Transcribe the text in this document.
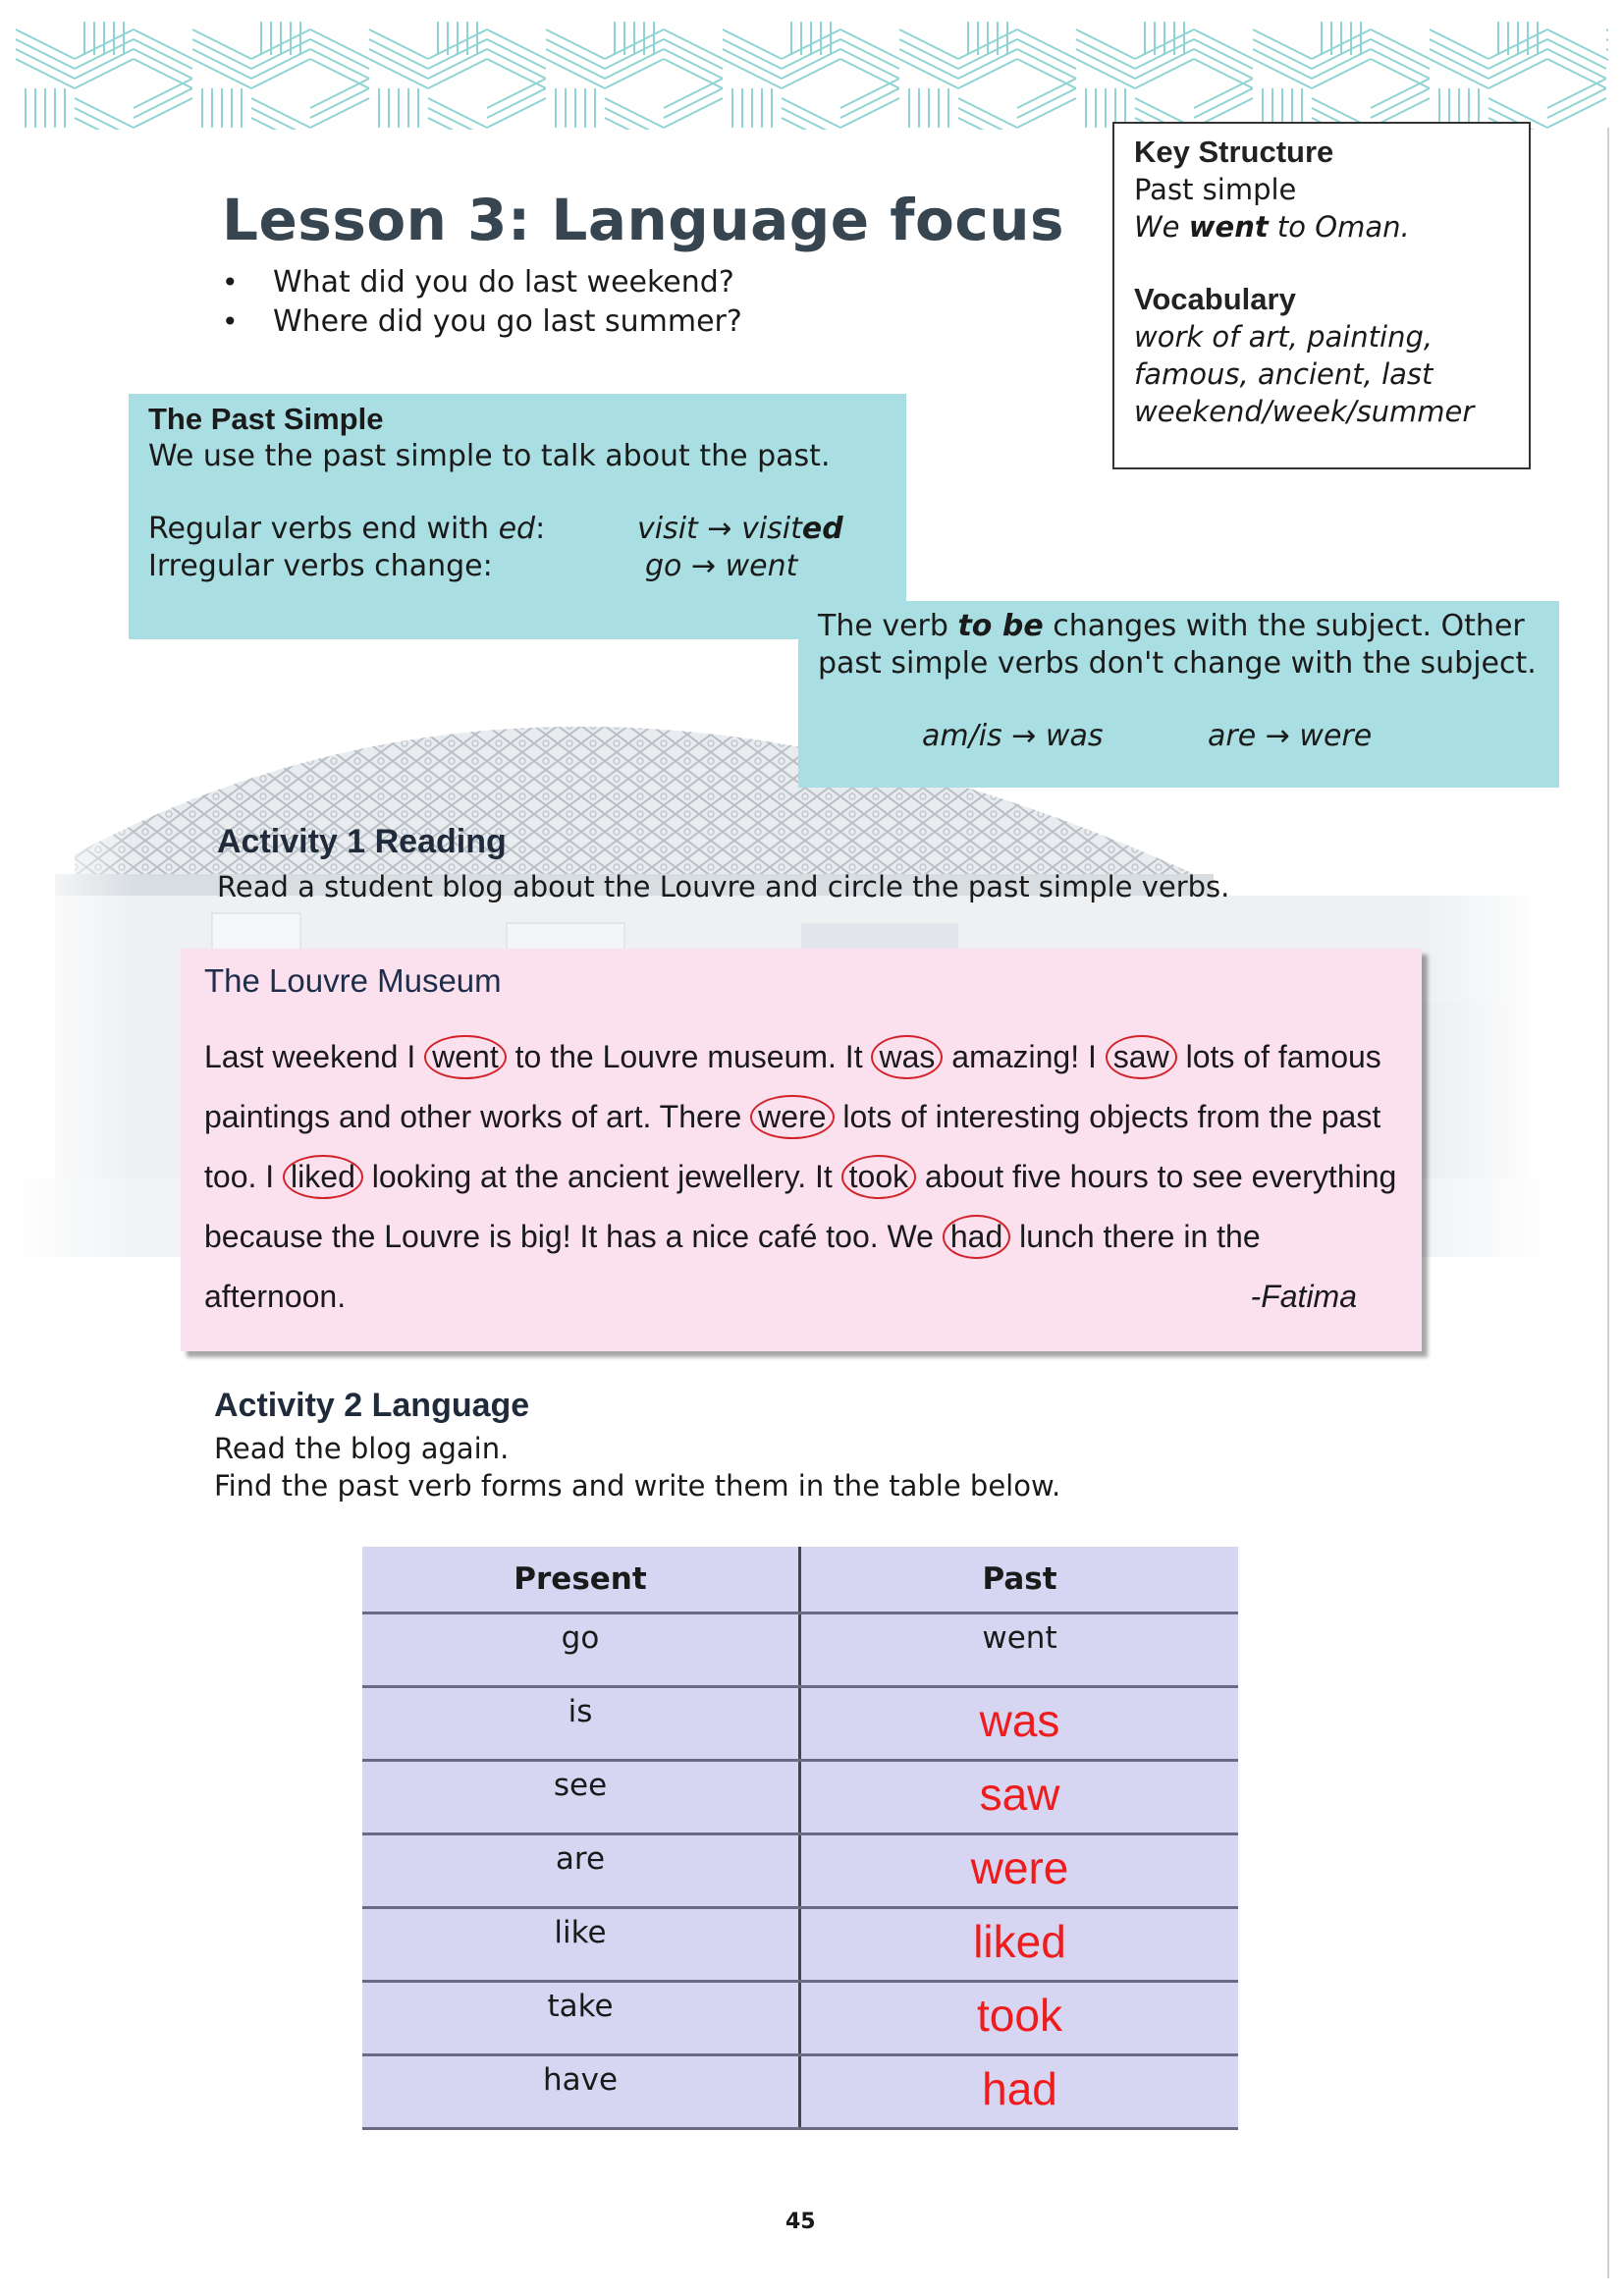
Lesson 3: Language focus
• What did you do last weekend?
• Where did you go last summer?
Key Structure
Past simple
We went to Oman.
Vocabulary
work of art, painting,
famous, ancient, last
weekend/week/summer
The Past Simple
We use the past simple to talk about the past.
Regular verbs end with ed:	visit → visited
Irregular verbs change:	go → went
The verb to be changes with the subject. Other
past simple verbs don't change with the subject.
am/is → was	are → were
Activity 1 Reading
Read a student blog about the Louvre and circle the past simple verbs.
The Louvre Museum
Last weekend I went to the Louvre museum. It was amazing! I saw lots of famous
paintings and other works of art. There were lots of interesting objects from the past
too. I liked looking at the ancient jewellery. It took about five hours to see everything
because the Louvre is big! It has a nice café too. We had lunch there in the
afternoon.	-Fatima
Activity 2 Language
Read the blog again.
Find the past verb forms and write them in the table below.
Present	Past
go	went
is	was
see	saw
are	were
like	liked
take	took
have	had
45
